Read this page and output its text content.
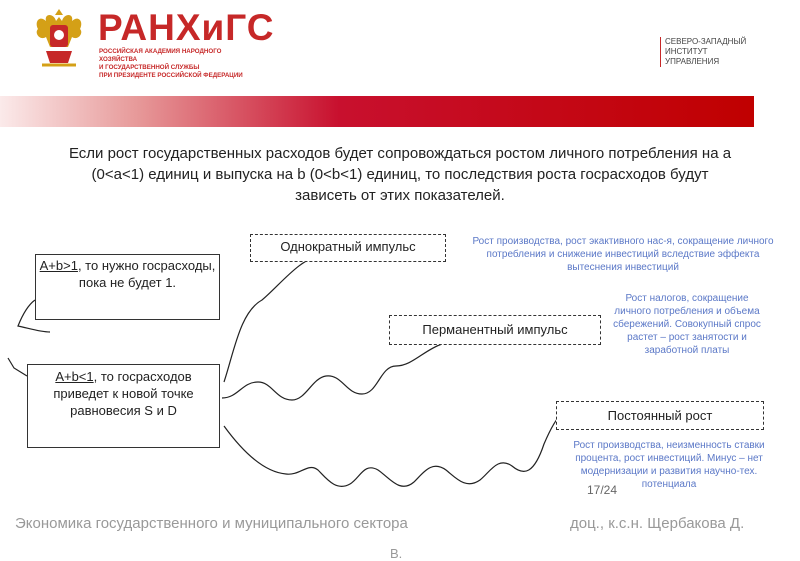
РАНХиГС
РОССИЙСКАЯ АКАДЕМИЯ НАРОДНОГО ХОЗЯЙСТВА
И ГОСУДАРСТВЕННОЙ СЛУЖБЫ
ПРИ ПРЕЗИДЕНТЕ РОССИЙСКОЙ ФЕДЕРАЦИИ
СЕВЕРО-ЗАПАДНЫЙ
ИНСТИТУТ
УПРАВЛЕНИЯ
Если рост государственных расходов будет сопровождаться ростом личного потребления на а (0<a<1) единиц и выпуска на b (0<b<1) единиц, то последствия роста госрасходов будут зависеть от этих показателей.
A+b>1, то нужно госрасходы, пока не будет 1.
A+b<1, то госрасходов приведет к новой точке равновесия S и D
Однократный импульс
Перманентный импульс
Постоянный рост
Рост производства, рост экактивного нас-я, сокращение личного потребления и снижение инвестиций вследствие эффекта вытеснения инвестиций
Рост налогов, сокращение личного потребления и объема сбережений. Совокупный спрос растет – рост занятости и заработной платы
Рост производства, неизменность ставки процента, рост инвестиций. Минус – нет модернизации и развития научно-тех. потенциала
17/24
Экономика государственного и муниципального сектора	доц., к.с.н. Щербакова Д.
В.
